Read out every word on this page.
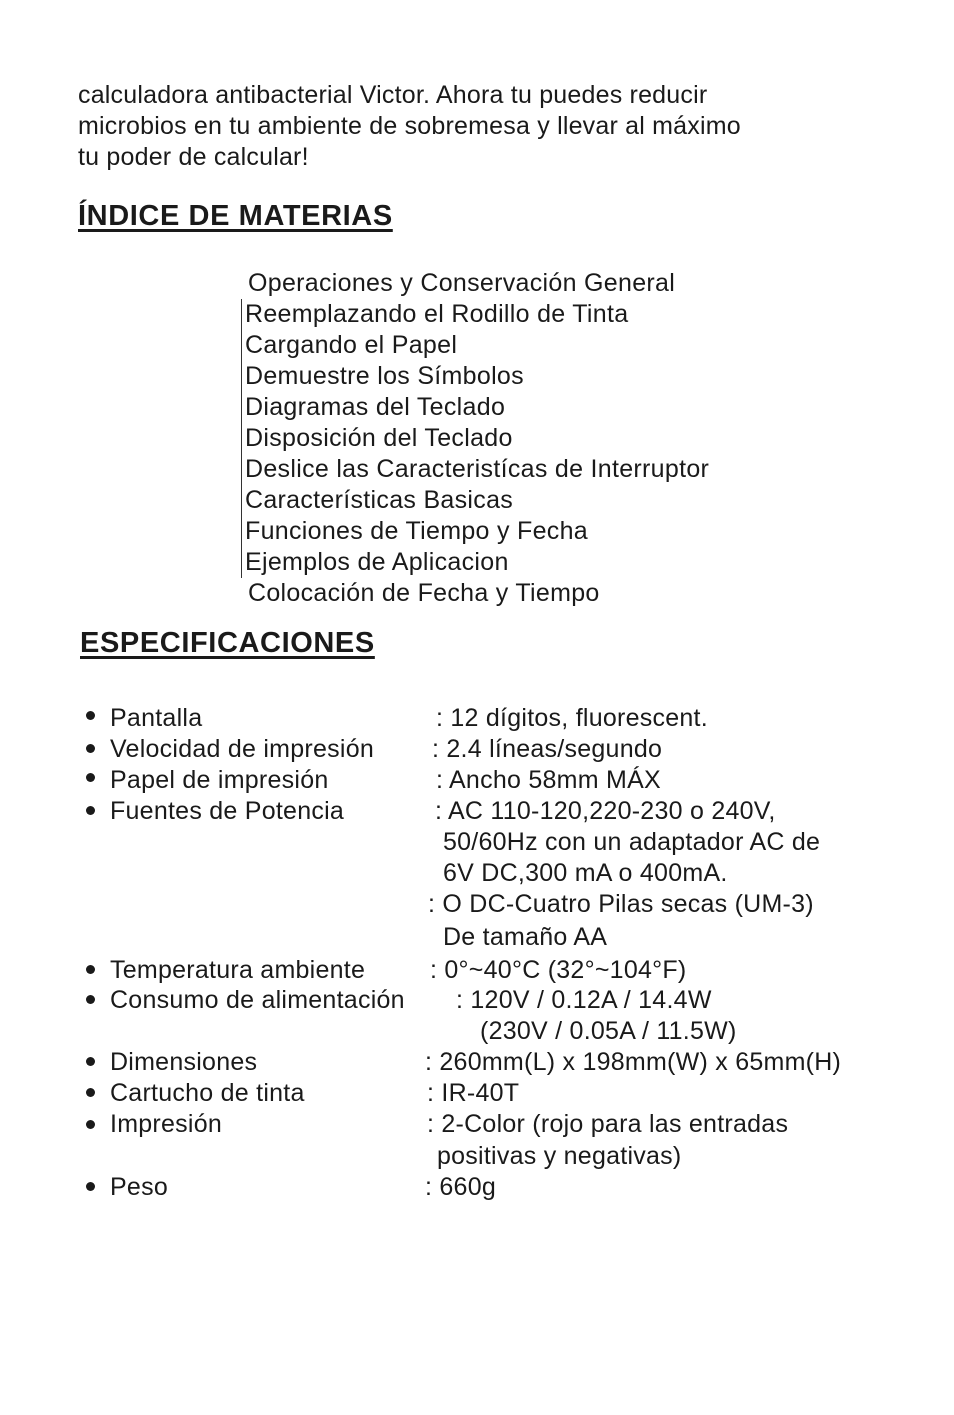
calculadora antibacterial Victor. Ahora tu puedes reducir
microbios en tu ambiente de sobremesa y llevar al máximo
tu poder de calcular!

ÍNDICE DE MATERIAS
Operaciones y Conservación General
Reemplazando el Rodillo de Tinta
Cargando el Papel
Demuestre los Símbolos
Diagramas del Teclado
Disposición del Teclado
Deslice las Caracteristícas de Interruptor
Características Basicas
Funciones de Tiempo y Fecha
Ejemplos de Aplicacion
Colocación de Fecha y Tiempo
ESPECIFICACIONES
Pantalla	: 12 dígitos, fluorescent.
Velocidad de impresión : 2.4 líneas/segundo
Papel de impresión	: Ancho 58mm MÁX
Fuentes de Potencia	: AC 110-120,220-230 o 240V,
50/60Hz con un adaptador AC de
6V DC,300 mA o 400mA.
: O DC-Cuatro Pilas secas (UM-3)
De tamaño AA
Temperatura ambiente	: 0°~40°C (32°~104°F)
Consumo de alimentación : 120V / 0.12A / 14.4W
(230V / 0.05A / 11.5W)
Dimensiones	: 260mm(L) x 198mm(W) x 65mm(H)
Cartucho de tinta	: IR-40T
Impresión	: 2-Color (rojo para las entradas
positivas y negativas)
Peso	: 660g
